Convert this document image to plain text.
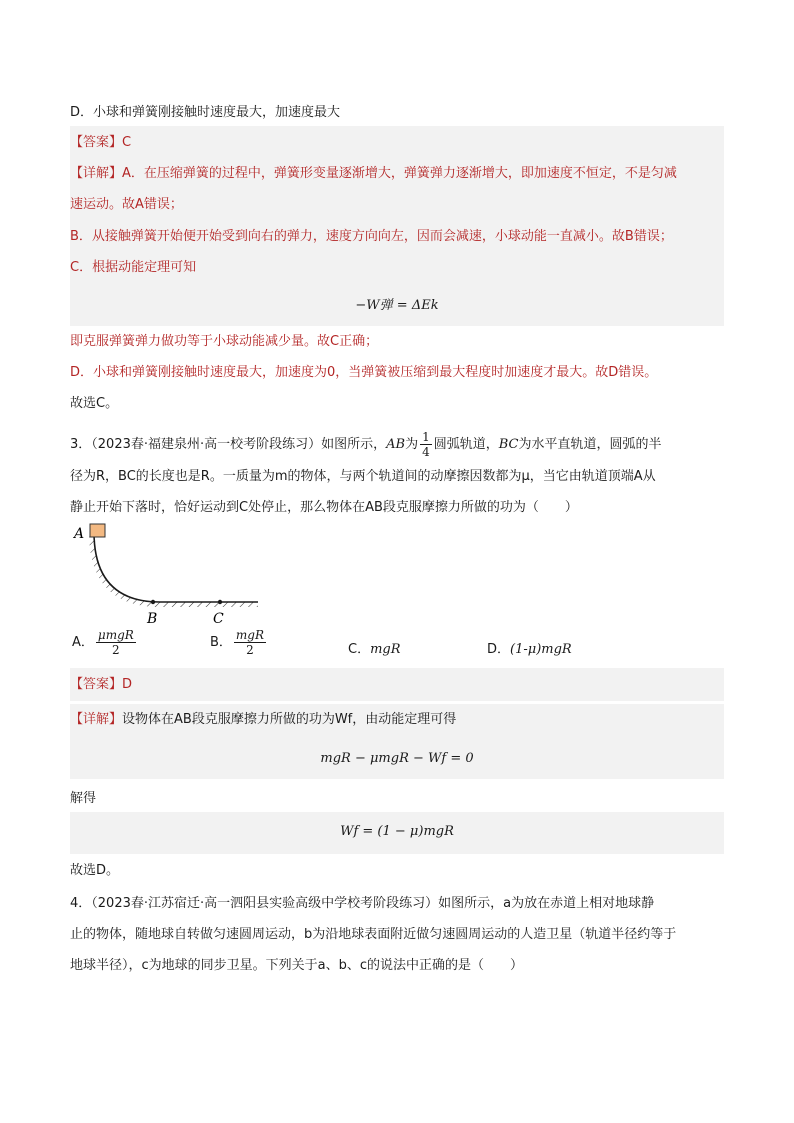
D．小球和弹簧刚接触时速度最大，加速度最大
【答案】C
【详解】A．在压缩弹簧的过程中，弹簧形变量逐渐增大，弹簧弹力逐渐增大，即加速度不恒定，不是匀减
速运动。故A错误；
B．从接触弹簧开始便开始受到向右的弹力，速度方向向左，因而会减速，小球动能一直减小。故B错误；
C．根据动能定理可知
−W弹 = ΔEk
即克服弹簧弹力做功等于小球动能减少量。故C正确；
D．小球和弹簧刚接触时速度最大，加速度为0，当弹簧被压缩到最大程度时加速度才最大。故D错误。
故选C。
3．（2023春·福建泉州·高一校考阶段练习）如图所示，AB为 $\frac{1}{4}$ 圆弧轨道，BC为水平直轨道，圆弧的半
径为R，BC的长度也是R。一质量为m的物体，与两个轨道间的动摩擦因数都为μ，当它由轨道顶端A从
静止开始下落时，恰好运动到C处停止，那么物体在AB段克服摩擦力所做的功为（　　）
A
B	C
A． $\frac{\text{μmgR}}{2}$	B． $\frac{\text{mgR}}{2}$	C．mgR	D．(1-μ)mgR
【答案】D
【详解】设物体在AB段克服摩擦力所做的功为Wf，由动能定理可得
mgR − μmgR − Wf = 0
解得
Wf = (1 − μ)mgR
故选D。
4．（2023春·江苏宿迁·高一泗阳县实验高级中学校考阶段练习）如图所示，a为放在赤道上相对地球静
止的物体，随地球自转做匀速圆周运动，b为沿地球表面附近做匀速圆周运动的人造卫星（轨道半径约等于
地球半径），c为地球的同步卫星。下列关于a、b、c的说法中正确的是（　　）
